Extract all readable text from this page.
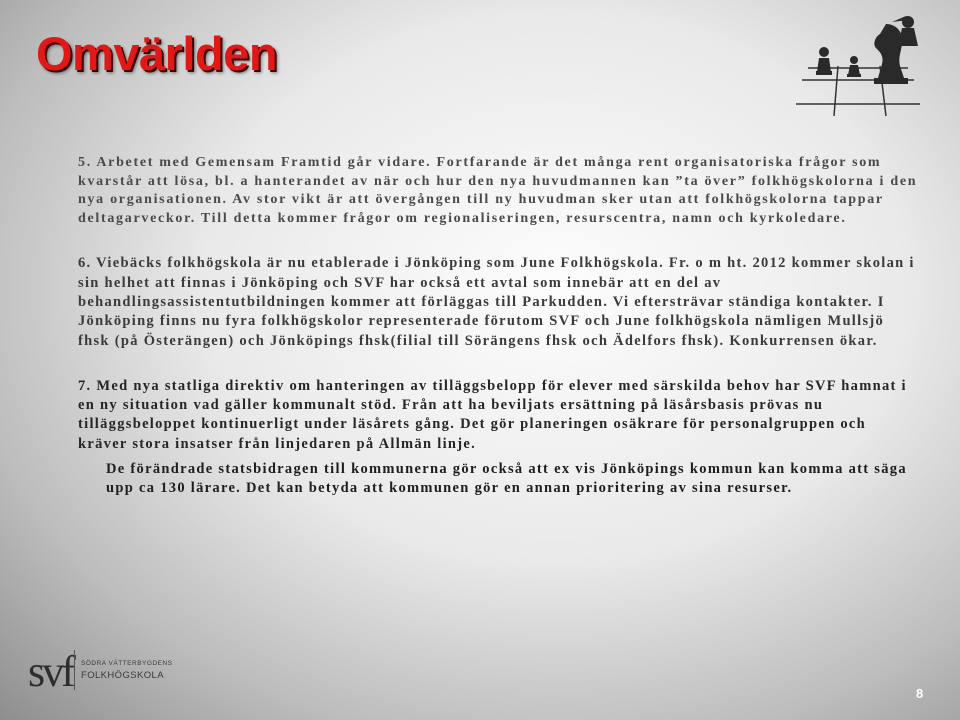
Omvärlden

5. Arbetet med Gemensam Framtid går vidare. Fortfarande är det många rent organisatoriska frågor som kvarstår att lösa, bl. a hanterandet av när och hur den nya huvudmannen kan ”ta över” folkhögskolorna i den nya organisationen. Av stor vikt är att övergången till ny huvudman sker utan att folkhögskolorna tappar deltagarveckor. Till detta kommer frågor om regionaliseringen, resurscentra, namn och kyrkoledare.

6. Viebäcks folkhögskola är nu etablerade i Jönköping som June Folkhögskola. Fr. o m ht. 2012 kommer skolan i sin helhet att finnas i Jönköping och SVF har också ett avtal som innebär att en del av behandlingsassistentutbildningen kommer att förläggas till Parkudden. Vi eftersträvar ständiga kontakter. I Jönköping finns nu fyra folkhögskolor representerade förutom SVF och June folkhögskola nämligen Mullsjö fhsk (på Österängen) och Jönköpings fhsk(filial till Sörängens fhsk och Ädelfors fhsk). Konkurrensen ökar.

7. Med nya statliga direktiv om hanteringen av tilläggsbelopp för elever med särskilda behov har SVF hamnat i en ny situation vad gäller kommunalt stöd. Från att ha beviljats ersättning på läsårsbasis prövas nu tilläggsbeloppet kontinuerligt under läsårets gång. Det gör planeringen osäkrare för personalgruppen och kräver stora insatser från linjedaren på Allmän linje.

De förändrade statsbidragen till kommunerna gör också att ex vis Jönköpings kommun kan komma att säga upp ca 130 lärare. Det kan betyda att kommunen gör en annan prioritering av sina resurser.

svf SÖDRA VÄTTERBYGDENS
FOLKHÖGSKOLA.
8
